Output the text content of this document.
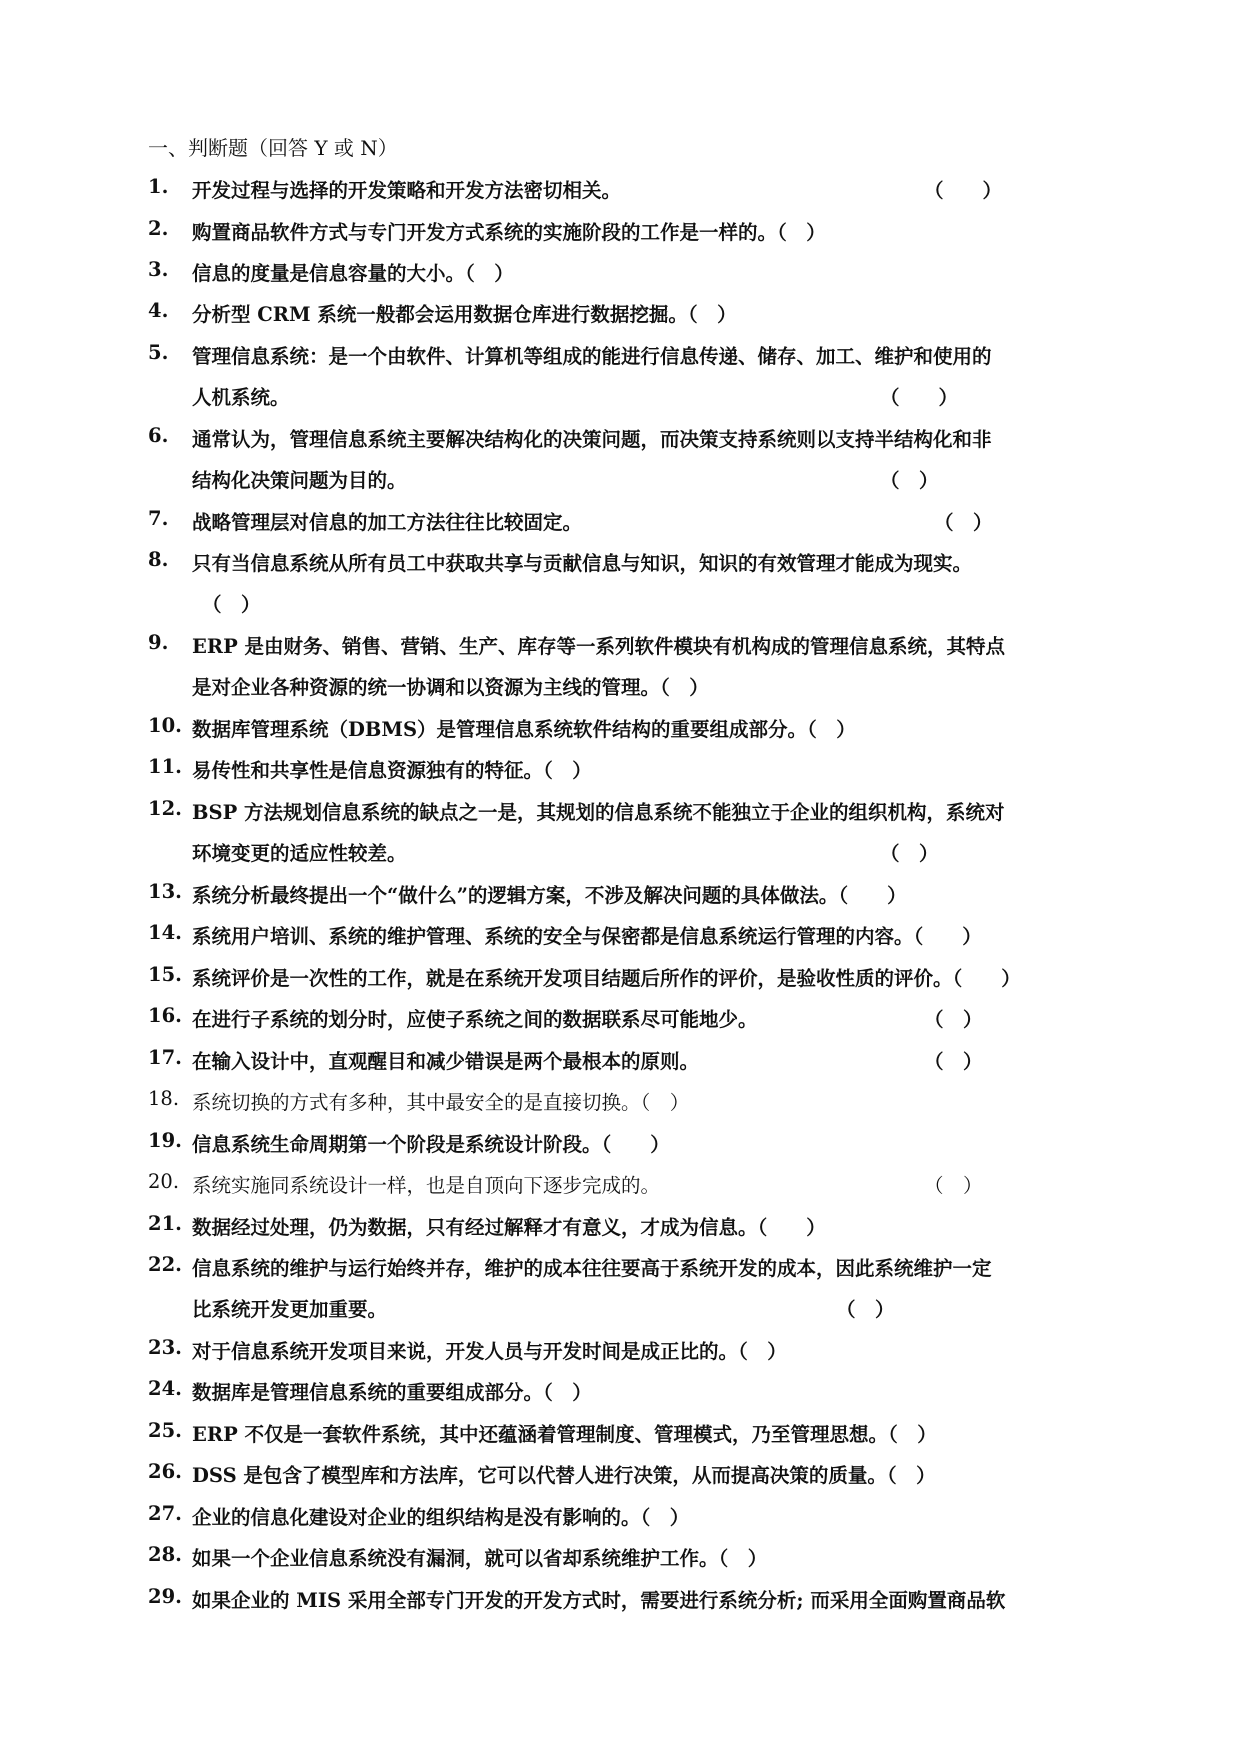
一、判断题（回答 Y 或 N）
1. 开发过程与选择的开发策略和开发方法密切相关。	（　　）
2. 购置商品软件方式与专门开发方式系统的实施阶段的工作是一样的。（　）
3. 信息的度量是信息容量的大小。（　）
4. 分析型 CRM 系统一般都会运用数据仓库进行数据挖掘。（　）
5. 管理信息系统：是一个由软件、计算机等组成的能进行信息传递、储存、加工、维护和使用的
人机系统。	（　　）
6. 通常认为，管理信息系统主要解决结构化的决策问题，而决策支持系统则以支持半结构化和非
结构化决策问题为目的。	（　）
7. 战略管理层对信息的加工方法往往比较固定。	（　）
8. 只有当信息系统从所有员工中获取共享与贡献信息与知识，知识的有效管理才能成为现实。
（　）
9. ERP 是由财务、销售、营销、生产、库存等一系列软件模块有机构成的管理信息系统，其特点
是对企业各种资源的统一协调和以资源为主线的管理。（　）
10. 数据库管理系统（DBMS）是管理信息系统软件结构的重要组成部分。（　）
11. 易传性和共享性是信息资源独有的特征。（　）
12. BSP 方法规划信息系统的缺点之一是，其规划的信息系统不能独立于企业的组织机构，系统对
环境变更的适应性较差。	（　）
13. 系统分析最终提出一个“做什么”的逻辑方案，不涉及解决问题的具体做法。（　　）
14. 系统用户培训、系统的维护管理、系统的安全与保密都是信息系统运行管理的内容。（　　）
15. 系统评价是一次性的工作，就是在系统开发项目结题后所作的评价，是验收性质的评价。（　　）
16. 在进行子系统的划分时，应使子系统之间的数据联系尽可能地少。	（　）
17. 在输入设计中，直观醒目和减少错误是两个最根本的原则。	（　）
18. 系统切换的方式有多种，其中最安全的是直接切换。（　）
19. 信息系统生命周期第一个阶段是系统设计阶段。（　　）
20. 系统实施同系统设计一样，也是自顶向下逐步完成的。	（　）
21. 数据经过处理，仍为数据，只有经过解释才有意义，才成为信息。（　　）
22. 信息系统的维护与运行始终并存，维护的成本往往要高于系统开发的成本，因此系统维护一定
比系统开发更加重要。	（　）
23. 对于信息系统开发项目来说，开发人员与开发时间是成正比的。（　）
24. 数据库是管理信息系统的重要组成部分。（　）
25. ERP 不仅是一套软件系统，其中还蕴涵着管理制度、管理模式，乃至管理思想。（　）
26. DSS 是包含了模型库和方法库，它可以代替人进行决策，从而提高决策的质量。（　）
27. 企业的信息化建设对企业的组织结构是没有影响的。（　）
28. 如果一个企业信息系统没有漏洞，就可以省却系统维护工作。（　）
29. 如果企业的 MIS 采用全部专门开发的开发方式时，需要进行系统分析; 而采用全面购置商品软
